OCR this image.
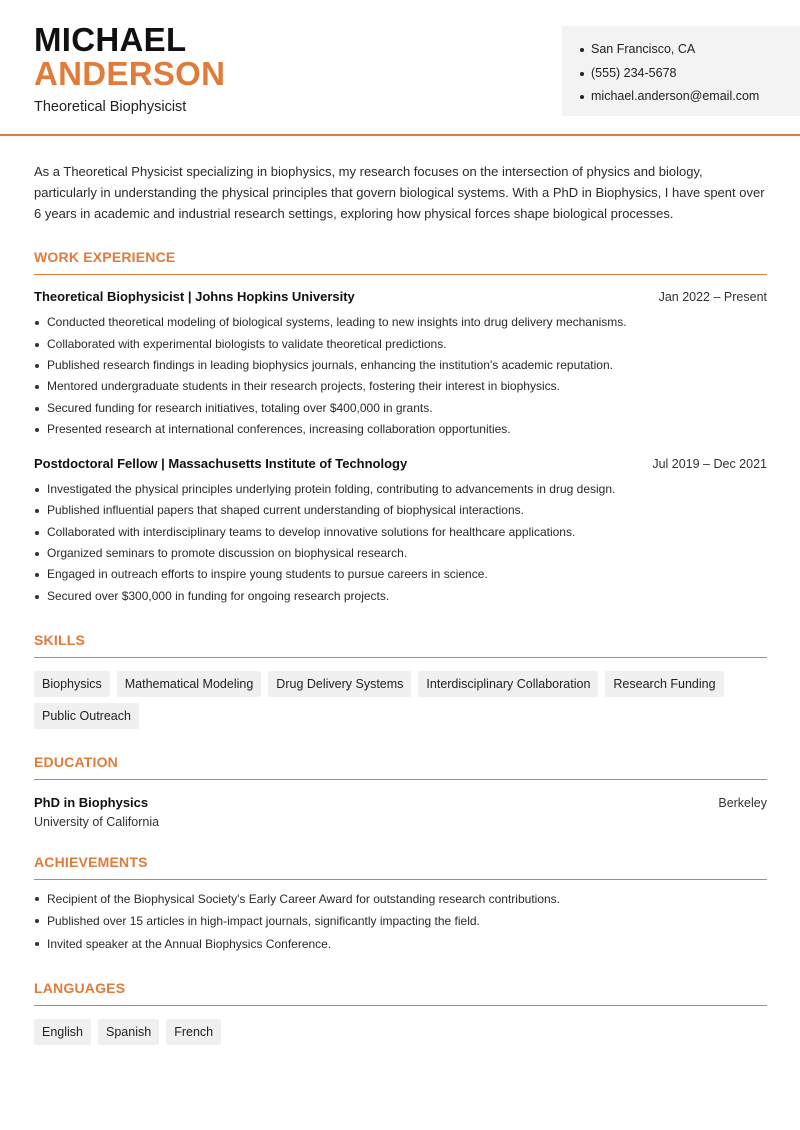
MICHAEL
ANDERSON
Theoretical Biophysicist
San Francisco, CA
(555) 234-5678
michael.anderson@email.com

As a Theoretical Physicist specializing in biophysics, my research focuses on the intersection of physics and biology, particularly in understanding the physical principles that govern biological systems. With a PhD in Biophysics, I have spent over 6 years in academic and industrial research settings, exploring how physical forces shape biological processes.

WORK EXPERIENCE
Theoretical Biophysicist | Johns Hopkins University	Jan 2022 – Present
Conducted theoretical modeling of biological systems, leading to new insights into drug delivery mechanisms.
Collaborated with experimental biologists to validate theoretical predictions.
Published research findings in leading biophysics journals, enhancing the institution's academic reputation.
Mentored undergraduate students in their research projects, fostering their interest in biophysics.
Secured funding for research initiatives, totaling over $400,000 in grants.
Presented research at international conferences, increasing collaboration opportunities.
Postdoctoral Fellow | Massachusetts Institute of Technology	Jul 2019 – Dec 2021
Investigated the physical principles underlying protein folding, contributing to advancements in drug design.
Published influential papers that shaped current understanding of biophysical interactions.
Collaborated with interdisciplinary teams to develop innovative solutions for healthcare applications.
Organized seminars to promote discussion on biophysical research.
Engaged in outreach efforts to inspire young students to pursue careers in science.
Secured over $300,000 in funding for ongoing research projects.
SKILLS
Biophysics	Mathematical Modeling	Drug Delivery Systems	Interdisciplinary Collaboration	Research Funding
Public Outreach
EDUCATION
PhD in Biophysics	Berkeley
University of California
ACHIEVEMENTS
Recipient of the Biophysical Society's Early Career Award for outstanding research contributions.
Published over 15 articles in high-impact journals, significantly impacting the field.
Invited speaker at the Annual Biophysics Conference.
LANGUAGES
English	Spanish	French
